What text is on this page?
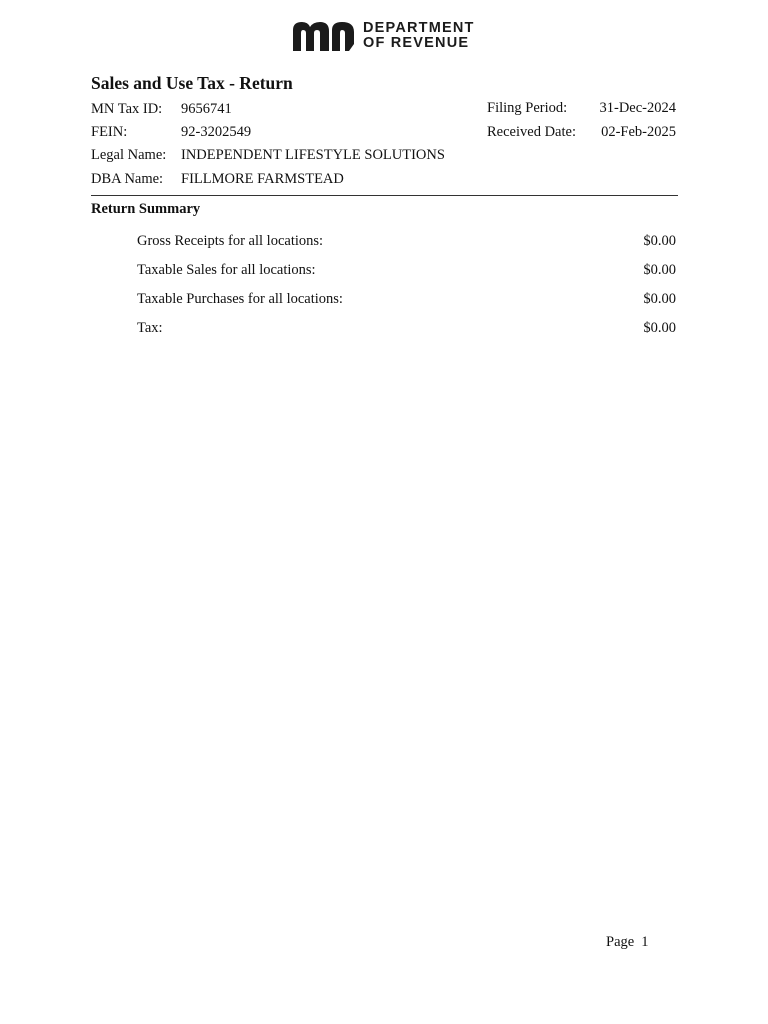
DEPARTMENT
OF REVENUE
Sales and Use Tax - Return
MN Tax ID: 9656741
FEIN:	92-3202549
Legal Name: INDEPENDENT LIFESTYLE SOLUTIONS
DBA Name: FILLMORE FARMSTEAD
Filing Period: 31-Dec-2024
Received Date: 02-Feb-2025
Return Summary
Gross Receipts for all locations:	$0.00
Taxable Sales for all locations:	$0.00
Taxable Purchases for all locations:	$0.00
Tax:	$0.00
Page 1
